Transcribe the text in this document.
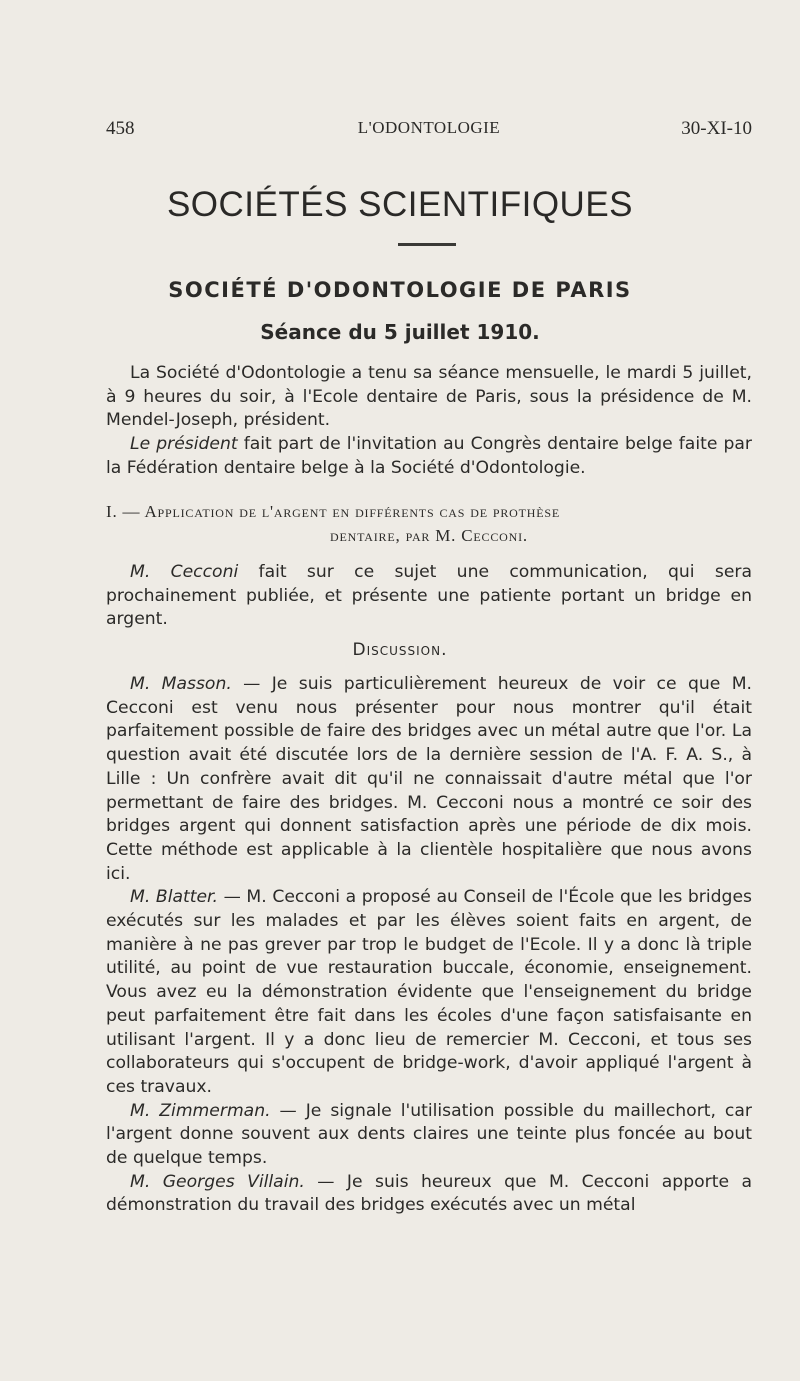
458	L'ODONTOLOGIE	30-XI-10
SOCIÉTÉS SCIENTIFIQUES
SOCIÉTÉ D'ODONTOLOGIE DE PARIS
Séance du 5 juillet 1910.

La Société d'Odontologie a tenu sa séance mensuelle, le mardi 5 juillet, à 9 heures du soir, à l'Ecole dentaire de Paris, sous la présidence de M. Mendel-Joseph, président.

Le président fait part de l'invitation au Congrès dentaire belge faite par la Fédération dentaire belge à la Société d'Odontologie.

I. — Application de l'argent en différents cas de prothèse
dentaire, par M. Cecconi.

M. Cecconi fait sur ce sujet une communication, qui sera prochainement publiée, et présente une patiente portant un bridge en argent.

Discussion.

M. Masson. — Je suis particulièrement heureux de voir ce que M. Cecconi est venu nous présenter pour nous montrer qu'il était parfaitement possible de faire des bridges avec un métal autre que l'or. La question avait été discutée lors de la dernière session de l'A. F. A. S., à Lille : Un confrère avait dit qu'il ne connaissait d'autre métal que l'or permettant de faire des bridges. M. Cecconi nous a montré ce soir des bridges argent qui donnent satisfaction après une période de dix mois. Cette méthode est applicable à la clientèle hospitalière que nous avons ici.

M. Blatter. — M. Cecconi a proposé au Conseil de l'École que les bridges exécutés sur les malades et par les élèves soient faits en argent, de manière à ne pas grever par trop le budget de l'Ecole. Il y a donc là triple utilité, au point de vue restauration buccale, économie, enseignement. Vous avez eu la démonstration évidente que l'enseignement du bridge peut parfaitement être fait dans les écoles d'une façon satisfaisante en utilisant l'argent. Il y a donc lieu de remercier M. Cecconi, et tous ses collaborateurs qui s'occupent de bridge-work, d'avoir appliqué l'argent à ces travaux.

M. Zimmerman. — Je signale l'utilisation possible du maillechort, car l'argent donne souvent aux dents claires une teinte plus foncée au bout de quelque temps.

M. Georges Villain. — Je suis heureux que M. Cecconi apporte a démonstration du travail des bridges exécutés avec un métal
